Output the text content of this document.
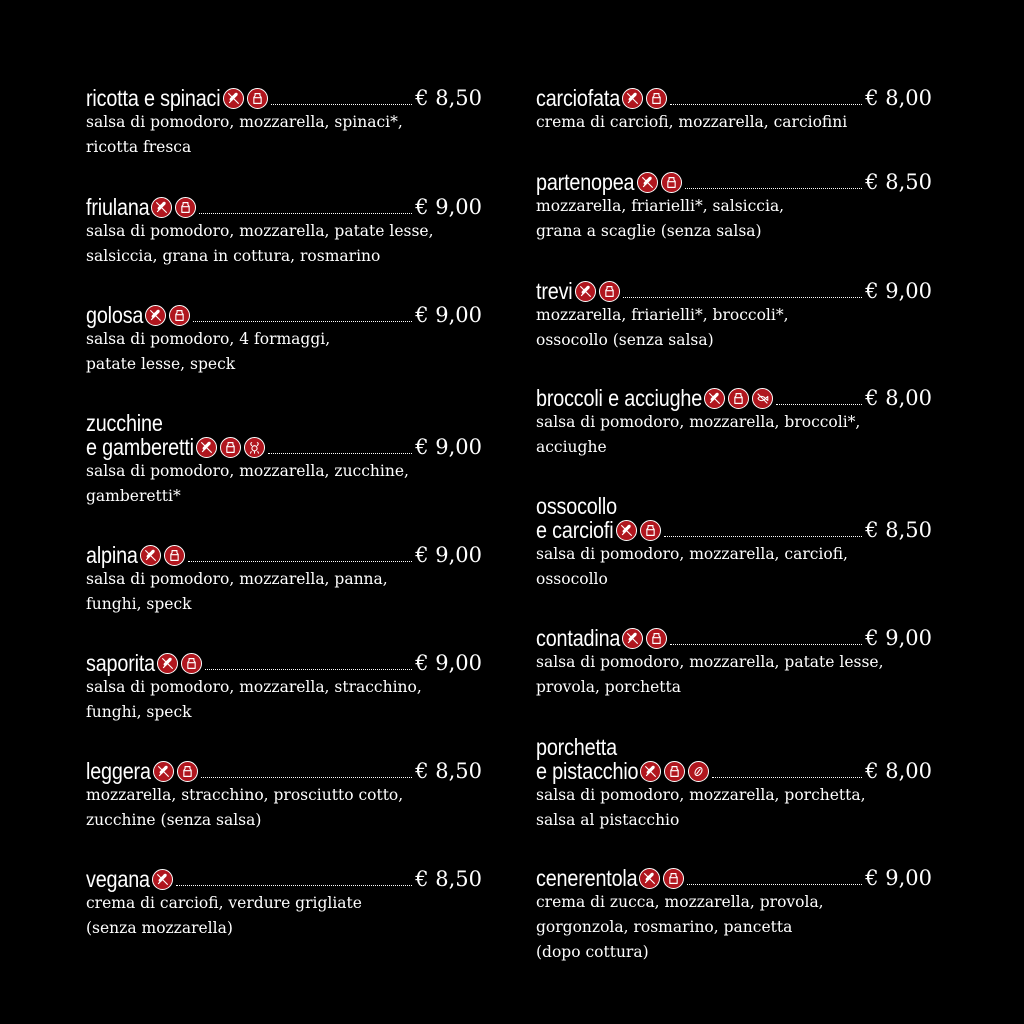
ricotta e spinaci	€ 8,50
salsa di pomodoro, mozzarella, spinaci*,
ricotta fresca
friulana	€ 9,00
salsa di pomodoro, mozzarella, patate lesse,
salsiccia, grana in cottura, rosmarino
golosa	€ 9,00
salsa di pomodoro, 4 formaggi,
patate lesse, speck
zucchine
e gamberetti	€ 9,00
salsa di pomodoro, mozzarella, zucchine,
gamberetti*
alpina	€ 9,00
salsa di pomodoro, mozzarella, panna,
funghi, speck
saporita	€ 9,00
salsa di pomodoro, mozzarella, stracchino,
funghi, speck
leggera	€ 8,50
mozzarella, stracchino, prosciutto cotto,
zucchine (senza salsa)
vegana	€ 8,50
crema di carciofi, verdure grigliate
(senza mozzarella)
carciofata	€ 8,00
crema di carciofi, mozzarella, carciofini
partenopea	€ 8,50
mozzarella, friarielli*, salsiccia,
grana a scaglie (senza salsa)
trevi	€ 9,00
mozzarella, friarielli*, broccoli*,
ossocollo (senza salsa)
broccoli e acciughe	€ 8,00
salsa di pomodoro, mozzarella, broccoli*,
acciughe
ossocollo
e carciofi	€ 8,50
salsa di pomodoro, mozzarella, carciofi,
ossocollo
contadina	€ 9,00
salsa di pomodoro, mozzarella, patate lesse,
provola, porchetta
porchetta
e pistacchio	€ 8,00
salsa di pomodoro, mozzarella, porchetta,
salsa al pistacchio
cenerentola	€ 9,00
crema di zucca, mozzarella, provola,
gorgonzola, rosmarino, pancetta
(dopo cottura)
